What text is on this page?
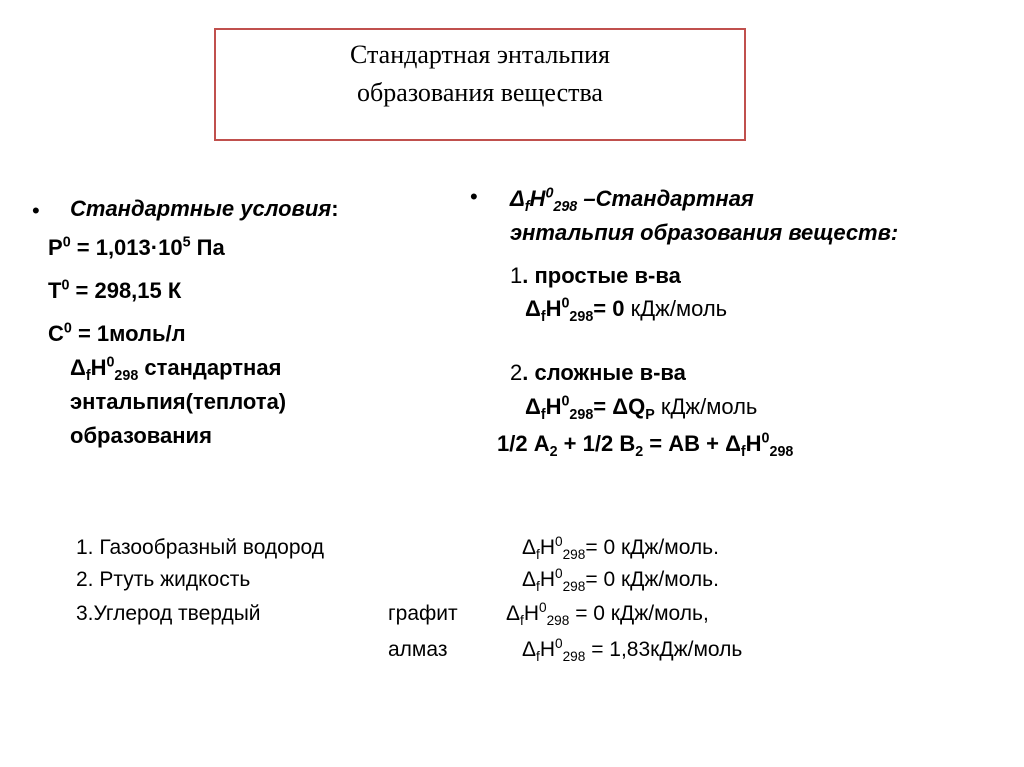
Стандартная энтальпия
образования вещества
• Стандартные условия:
$Р^0 = 1,013\cdot 10^5$ Па
$Т^0 = 298,15$ К
$С^0$ = 1моль/л
$\Delta_fH^0_{298}$ стандартная
энтальпия(теплота)
образования
• $\Delta_fH^0_{298}$ –Стандартная
энтальпия образования веществ:
1. простые в-ва
$\Delta_fH^0_{298}= 0$ кДж/моль
2. сложные в-ва
$\Delta_fH^0_{298}= \Delta Q_P$ кДж/моль
1/2 $А_2 + 1/2$ $В_2$ = АВ + $\Delta_fH^0_{298}$
1. Газообразный водород	$\Delta_fH^0_{298}= 0$ кДж/моль.
2. Ртуть жидкость	$\Delta_fH^0_{298}= 0$ кДж/моль.
3.Углерод твердый	графит $\Delta_fH^0_{298} = 0$ кДж/моль,
алмаз	$\Delta_fH^0_{298}$ = 1,83кДж/моль
